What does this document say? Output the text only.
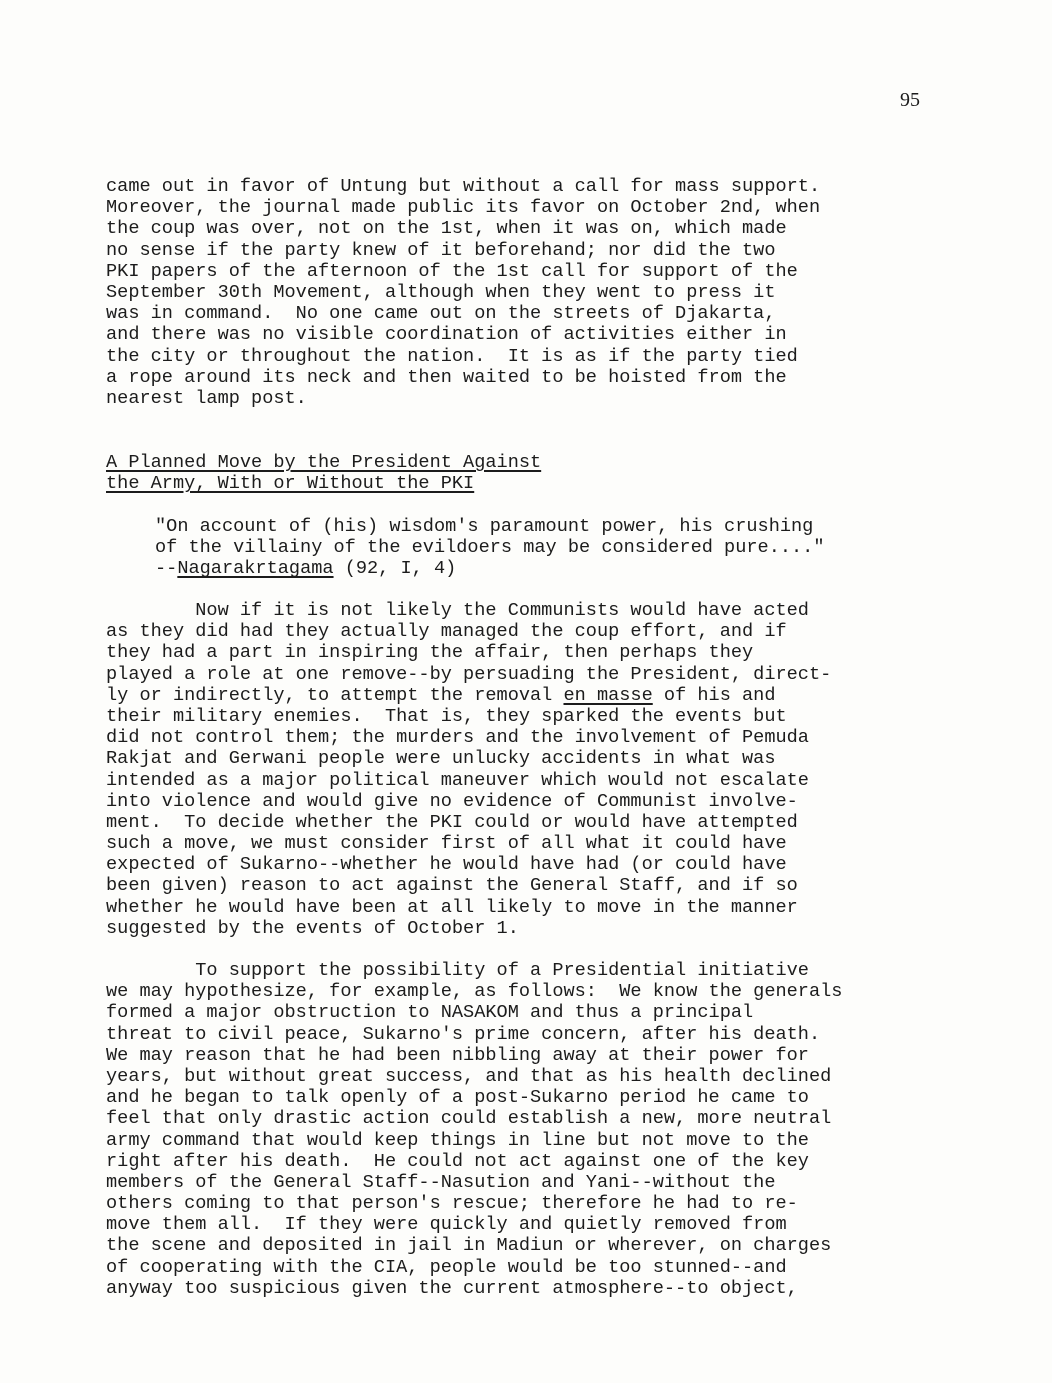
95
came out in favor of Untung but without a call for mass support.
Moreover, the journal made public its favor on October 2nd, when
the coup was over, not on the 1st, when it was on, which made
no sense if the party knew of it beforehand; nor did the two
PKI papers of the afternoon of the 1st call for support of the
September 30th Movement, although when they went to press it
was in command.  No one came out on the streets of Djakarta,
and there was no visible coordination of activities either in
the city or throughout the nation.  It is as if the party tied
a rope around its neck and then waited to be hoisted from the
nearest lamp post.
A Planned Move by the President Against
the Army, With or Without the PKI
"On account of (his) wisdom's paramount power, his crushing
of the villainy of the evildoers may be considered pure...."
--Nagarakrtagama (92, I, 4)
Now if it is not likely the Communists would have acted
as they did had they actually managed the coup effort, and if
they had a part in inspiring the affair, then perhaps they
played a role at one remove--by persuading the President, direct-
ly or indirectly, to attempt the removal en masse of his and
their military enemies.  That is, they sparked the events but
did not control them; the murders and the involvement of Pemuda
Rakjat and Gerwani people were unlucky accidents in what was
intended as a major political maneuver which would not escalate
into violence and would give no evidence of Communist involve-
ment.  To decide whether the PKI could or would have attempted
such a move, we must consider first of all what it could have
expected of Sukarno--whether he would have had (or could have
been given) reason to act against the General Staff, and if so
whether he would have been at all likely to move in the manner
suggested by the events of October 1.
To support the possibility of a Presidential initiative
we may hypothesize, for example, as follows:  We know the generals
formed a major obstruction to NASAKOM and thus a principal
threat to civil peace, Sukarno's prime concern, after his death.
We may reason that he had been nibbling away at their power for
years, but without great success, and that as his health declined
and he began to talk openly of a post-Sukarno period he came to
feel that only drastic action could establish a new, more neutral
army command that would keep things in line but not move to the
right after his death.  He could not act against one of the key
members of the General Staff--Nasution and Yani--without the
others coming to that person's rescue; therefore he had to re-
move them all.  If they were quickly and quietly removed from
the scene and deposited in jail in Madiun or wherever, on charges
of cooperating with the CIA, people would be too stunned--and
anyway too suspicious given the current atmosphere--to object,
